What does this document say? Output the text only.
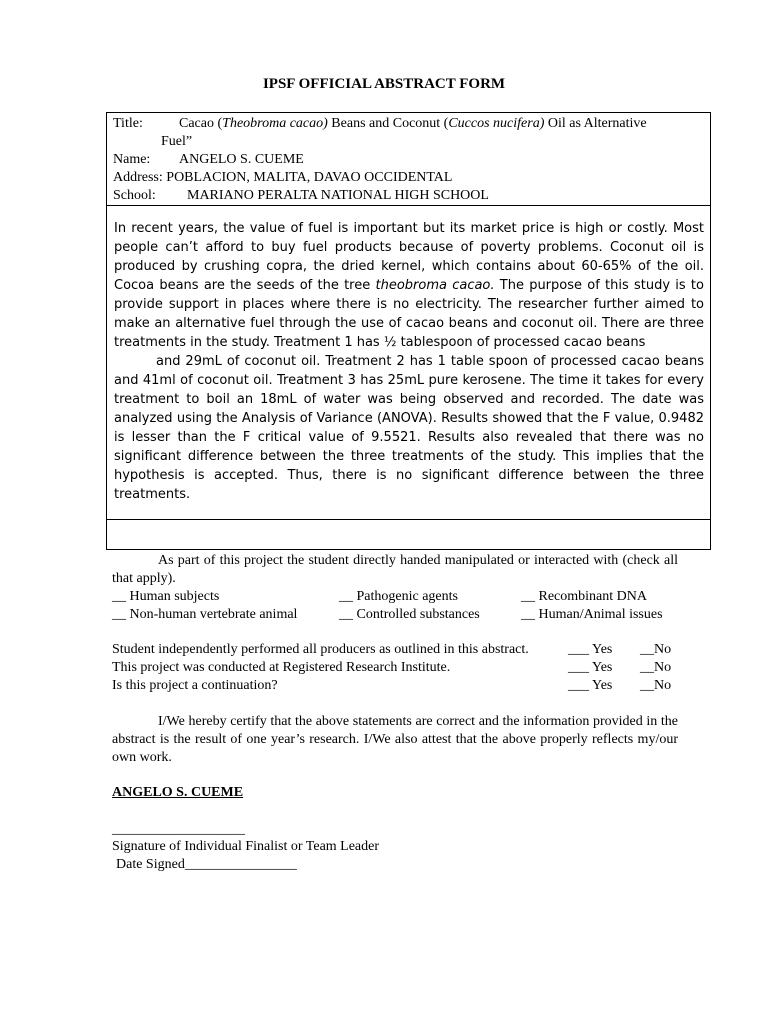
IPSF OFFICIAL ABSTRACT FORM
Title:	Cacao (Theobroma cacao) Beans and Coconut (Cuccos nucifera) Oil as Alternative
Fuel”
Name: ANGELO S. CUEME
Address: POBLACION, MALITA, DAVAO OCCIDENTAL
School: MARIANO PERALTA NATIONAL HIGH SCHOOL
In recent years, the value of fuel is important but its market price is high or costly. Most people can’t afford to buy fuel products because of poverty problems. Coconut oil is produced by crushing copra, the dried kernel, which contains about 60-65% of the oil. Cocoa beans are the seeds of the tree theobroma cacao. The purpose of this study is to provide support in places where there is no electricity. The researcher further aimed to make an alternative fuel through the use of cacao beans and coconut oil. There are three treatments in the study. Treatment 1 has ½ tablespoon of processed cacao beans
and 29mL of coconut oil. Treatment 2 has 1 table spoon of processed cacao beans and 41ml of coconut oil. Treatment 3 has 25mL pure kerosene. The time it takes for every treatment to boil an 18mL of water was being observed and recorded. The date was analyzed using the Analysis of Variance (ANOVA). Results showed that the F value, 0.9482 is lesser than the F critical value of 9.5521. Results also revealed that there was no significant difference between the three treatments of the study. This implies that the hypothesis is accepted. Thus, there is no significant difference between the three treatments.
As part of this project the student directly handed manipulated or interacted with (check all that apply).
__ Human subjects	__ Pathogenic agents	__ Recombinant DNA
__ Non-human vertebrate animal	__ Controlled substances	__ Human/Animal issues
Student independently performed all producers as outlined in this abstract.	___ Yes __No
This project was conducted at Registered Research Institute.	___ Yes __No
Is this project a continuation?	___ Yes __No
I/We hereby certify that the above statements are correct and the information provided in the abstract is the result of one year’s research. I/We also attest that the above properly reflects my/our own work.
ANGELO S. CUEME
___________________
Signature of Individual Finalist or Team Leader
Date Signed________________
